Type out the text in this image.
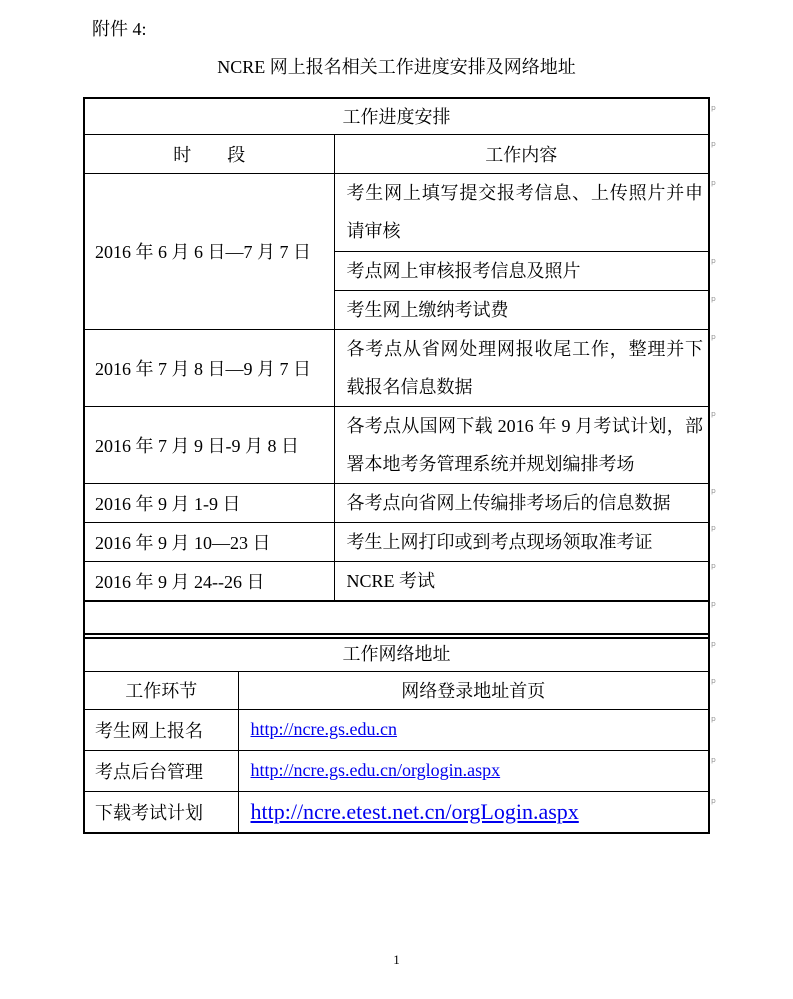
附件 4:
NCRE 网上报名相关工作进度安排及网络地址
工作进度安排	
时　　段	工作内容
2016 年 6 月 6 日—7 月 7 日	考生网上填写提交报考信息、上传照片并申请审核
	考点网上审核报考信息及照片
	考生网上缴纳考试费
2016 年 7 月 8 日—9 月 7 日	各考点从省网处理网报收尾工作，整理并下载报名信息数据
2016 年 7 月 9 日-9 月 8 日	各考点从国网下载 2016 年 9 月考试计划，部署本地考务管理系统并规划编排考场
2016 年 9 月 1-9 日	各考点向省网上传编排考场后的信息数据
2016 年 9 月 10—23 日	考生上网打印或到考点现场领取准考证
2016 年 9 月 24--26 日	NCRE 考试

工作网络地址	
工作环节	网络登录地址首页
考生网上报名	http://ncre.gs.edu.cn
考点后台管理	http://ncre.gs.edu.cn/orglogin.aspx
下载考试计划	http://ncre.etest.net.cn/orgLogin.aspx
ₚ
ₚ
ₚ
ₚ
ₚ
ₚ
ₚ
ₚ
ₚ
ₚ
ₚ
ₚ
ₚ
ₚ
ₚ
ₚ
1
